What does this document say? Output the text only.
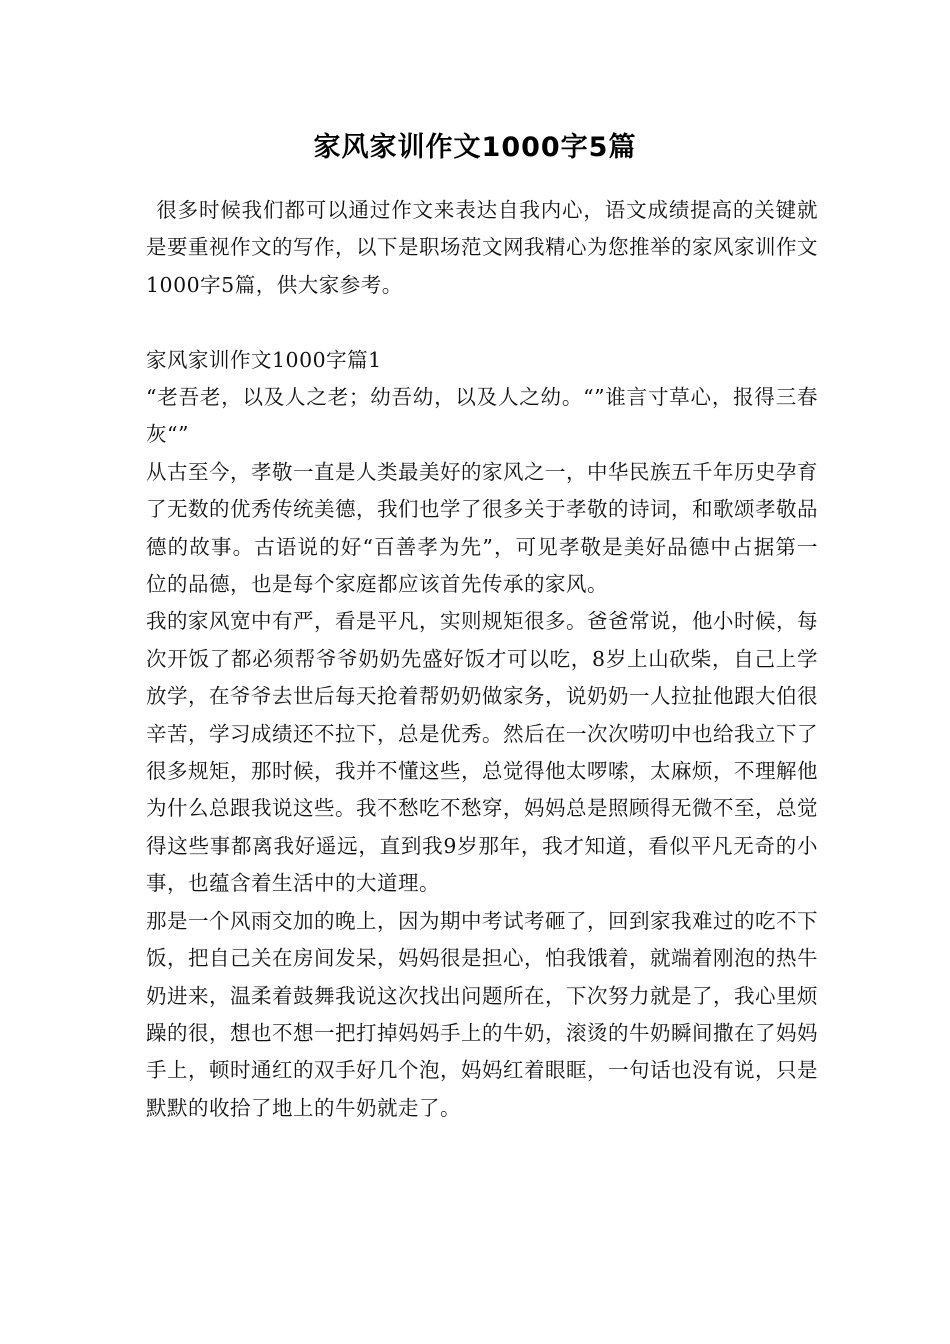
家风家训作文1000字5篇

很多时候我们都可以通过作文来表达自我内心，语文成绩提高的关键就是要重视作文的写作，以下是职场范文网我精心为您推举的家风家训作文1000字5篇，供大家参考。

家风家训作文1000字篇1

“老吾老，以及人之老；幼吾幼，以及人之幼。“”谁言寸草心，报得三春灰“”

从古至今，孝敬一直是人类最美好的家风之一，中华民族五千年历史孕育了无数的优秀传统美德，我们也学了很多关于孝敬的诗词，和歌颂孝敬品德的故事。古语说的好“百善孝为先”，可见孝敬是美好品德中占据第一位的品德，也是每个家庭都应该首先传承的家风。

我的家风宽中有严，看是平凡，实则规矩很多。爸爸常说，他小时候，每次开饭了都必须帮爷爷奶奶先盛好饭才可以吃，8岁上山砍柴，自己上学放学，在爷爷去世后每天抢着帮奶奶做家务，说奶奶一人拉扯他跟大伯很辛苦，学习成绩还不拉下，总是优秀。然后在一次次唠叨中也给我立下了很多规矩，那时候，我并不懂这些，总觉得他太啰嗦，太麻烦，不理解他为什么总跟我说这些。我不愁吃不愁穿，妈妈总是照顾得无微不至，总觉得这些事都离我好遥远，直到我9岁那年，我才知道，看似平凡无奇的小事，也蕴含着生活中的大道理。

那是一个风雨交加的晚上，因为期中考试考砸了，回到家我难过的吃不下饭，把自己关在房间发呆，妈妈很是担心，怕我饿着，就端着刚泡的热牛奶进来，温柔着鼓舞我说这次找出问题所在，下次努力就是了，我心里烦躁的很，想也不想一把打掉妈妈手上的牛奶，滚烫的牛奶瞬间撒在了妈妈手上，顿时通红的双手好几个泡，妈妈红着眼眶，一句话也没有说，只是默默的收拾了地上的牛奶就走了。
